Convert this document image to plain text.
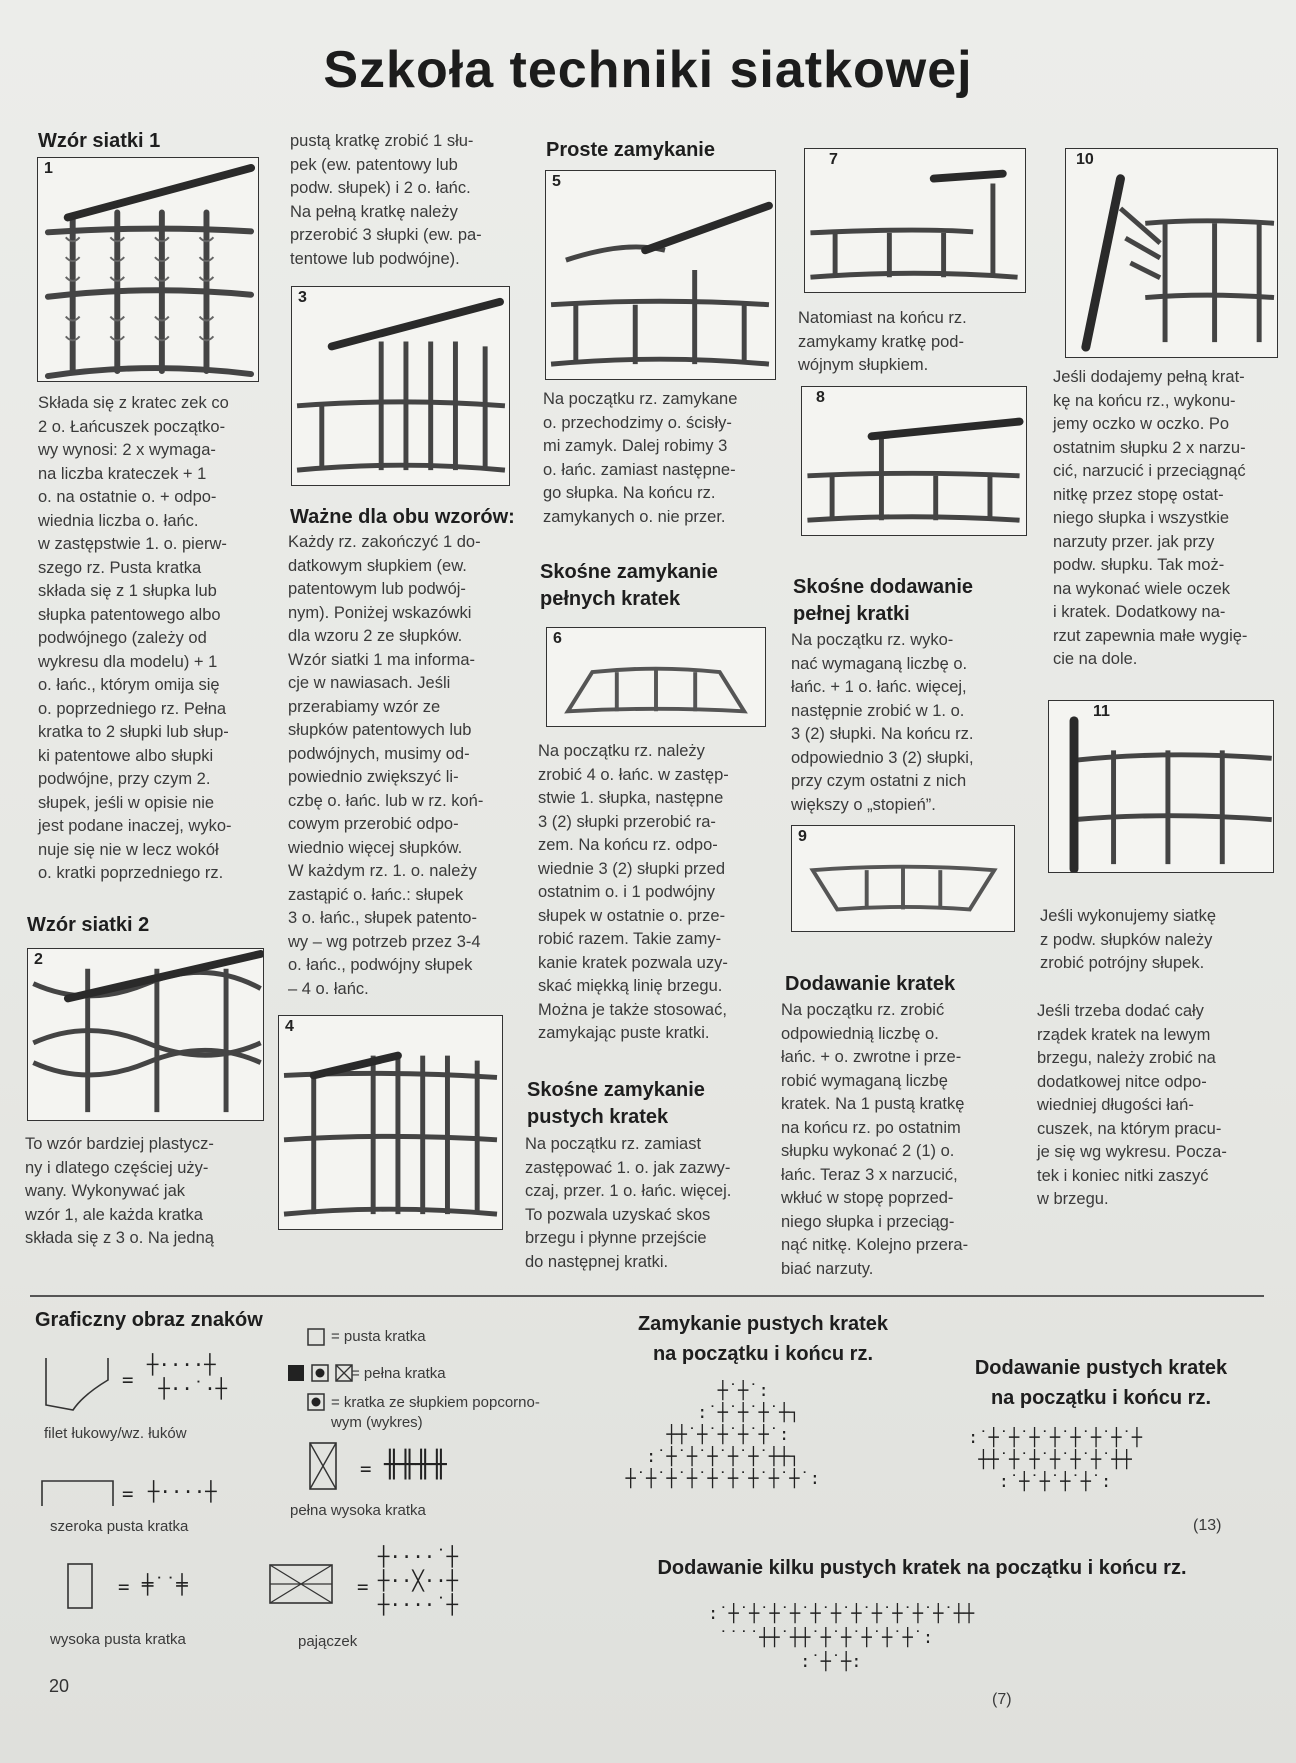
Szkoła techniki siatkowej
Wzór siatki 1
1

Składa się z kratec zek co

2 o. Łańcuszek początko-

wy wynosi: 2 x wymaga-

na liczba krateczek + 1

o. na ostatnie o. + odpo-

wiednia liczba o. łańc.

w zastępstwie 1. o. pierw-

szego rz. Pusta kratka

składa się z 1 słupka lub

słupka patentowego albo

podwójnego (zależy od

wykresu dla modelu) + 1

o. łańc., którym omija się

o. poprzedniego rz. Pełna

kratka to 2 słupki lub słup-

ki patentowe albo słupki

podwójne, przy czym 2.

słupek, jeśli w opisie nie

jest podane inaczej, wyko-

nuje się nie w lecz wokół

o. kratki poprzedniego rz.

Wzór siatki 2
2

To wzór bardziej plastycz-

ny i dlatego częściej uży-

wany. Wykonywać jak

wzór 1, ale każda kratka

składa się z 3 o. Na jedną

pustą kratkę zrobić 1 słu-

pek (ew. patentowy lub

podw. słupek) i 2 o. łańc.

Na pełną kratkę należy

przerobić 3 słupki (ew. pa-

tentowe lub podwójne).

3
Ważne dla obu wzorów:

Każdy rz. zakończyć 1 do-

datkowym słupkiem (ew.

patentowym lub podwój-

nym). Poniżej wskazówki

dla wzoru 2 ze słupków.

Wzór siatki 1 ma informa-

cje w nawiasach. Jeśli

przerabiamy wzór ze

słupków patentowych lub

podwójnych, musimy od-

powiednio zwiększyć li-

czbę o. łańc. lub w rz. koń-

cowym przerobić odpo-

wiednio więcej słupków.

W każdym rz. 1. o. należy

zastąpić o. łańc.: słupek

3 o. łańc., słupek patento-

wy – wg potrzeb przez 3-4

o. łańc., podwójny słupek

– 4 o. łańc.

4
Proste zamykanie
5

Na początku rz. zamykane

o. przechodzimy o. ścisły-

mi zamyk. Dalej robimy 3

o. łańc. zamiast następne-

go słupka. Na końcu rz.

zamykanych o. nie przer.

Skośne zamykanie
pełnych kratek
6

Na początku rz. należy

zrobić 4 o. łańc. w zastęp-

stwie 1. słupka, następne

3 (2) słupki przerobić ra-

zem. Na końcu rz. odpo-

wiednie 3 (2) słupki przed

ostatnim o. i 1 podwójny

słupek w ostatnie o. prze-

robić razem. Takie zamy-

kanie kratek pozwala uzy-

skać miękką linię brzegu.

Można je także stosować,

zamykając puste kratki.

Skośne zamykanie
pustych kratek

Na początku rz. zamiast

zastępować 1. o. jak zazwy-

czaj, przer. 1 o. łańc. więcej.

To pozwala uzyskać skos

brzegu i płynne przejście

do następnej kratki.

7

Natomiast na końcu rz.

zamykamy kratkę pod-

wójnym słupkiem.

8
Skośne dodawanie
pełnej kratki

Na początku rz. wyko-

nać wymaganą liczbę o.

łańc. + 1 o. łańc. więcej,

następnie zrobić w 1. o.

3 (2) słupki. Na końcu rz.

odpowiednio 3 (2) słupki,

przy czym ostatni z nich

większy o „stopień”.

9
Dodawanie kratek

Na początku rz. zrobić

odpowiednią liczbę o.

łańc. + o. zwrotne i prze-

robić wymaganą liczbę

kratek. Na 1 pustą kratkę

na końcu rz. po ostatnim

słupku wykonać 2 (1) o.

łańc. Teraz 3 x narzucić,

wkłuć w stopę poprzed-

niego słupka i przeciąg-

nąć nitkę. Kolejno przera-

biać narzuty.

10

Jeśli dodajemy pełną krat-

kę na końcu rz., wykonu-

jemy oczko w oczko. Po

ostatnim słupku 2 x narzu-

cić, narzucić i przeciągnąć

nitkę przez stopę ostat-

niego słupka i wszystkie

narzuty przer. jak przy

podw. słupku. Tak moż-

na wykonać wiele oczek

i kratek. Dodatkowy na-

rzut zapewnia małe wygię-

cie na dole.

11

Jeśli wykonujemy siatkę

z podw. słupków należy

zrobić potrójny słupek.

Jeśli trzeba dodać cały

rządek kratek na lewym

brzegu, należy zrobić na

dodatkowej nitce odpo-

wiedniej długości łań-

cuszek, na którym pracu-

je się wg wykresu. Pocza-

tek i koniec nitki zaszyć

w brzegu.

Graficzny obraz znaków
=
┼····┼
┼··˙·┼
filet łukowy/wz. łuków
= ┼····┼
szeroka pusta kratka
= ╪˙˙╪
wysoka pusta kratka
= pusta kratka
= pełna kratka
= kratka ze słupkiem popcorno-
wym (wykres)
= ╫╫╫╫
pełna wysoka kratka
=
┼····˙┼
┼··╳··┼
┼····˙┼
pajączek
Zamykanie pustych kratek
na początku i końcu rz.
┼˙┼˙:
:˙┼˙┼˙┼˙┼┐
┼┼˙┼˙┼˙┼˙┼˙:
:˙┼˙┼˙┼˙┼˙┼˙┼┼┐
┼˙┼˙┼˙┼˙┼˙┼˙┼˙┼˙┼˙:
Dodawanie pustych kratek
na początku i końcu rz.
:˙┼˙┼˙┼˙┼˙┼˙┼˙┼˙┼
┼┼˙┼˙┼˙┼˙┼˙┼˙┼┼
:˙┼˙┼˙┼˙┼˙:
(13)
Dodawanie kilku pustych kratek na początku i końcu rz.
:˙┼˙┼˙┼˙┼˙┼˙┼˙┼˙┼˙┼˙┼˙┼˙┼┼
˙˙˙˙┼┼˙┼┼˙┼˙┼˙┼˙┼˙┼˙:
:˙┼˙┼:
(7)
20
